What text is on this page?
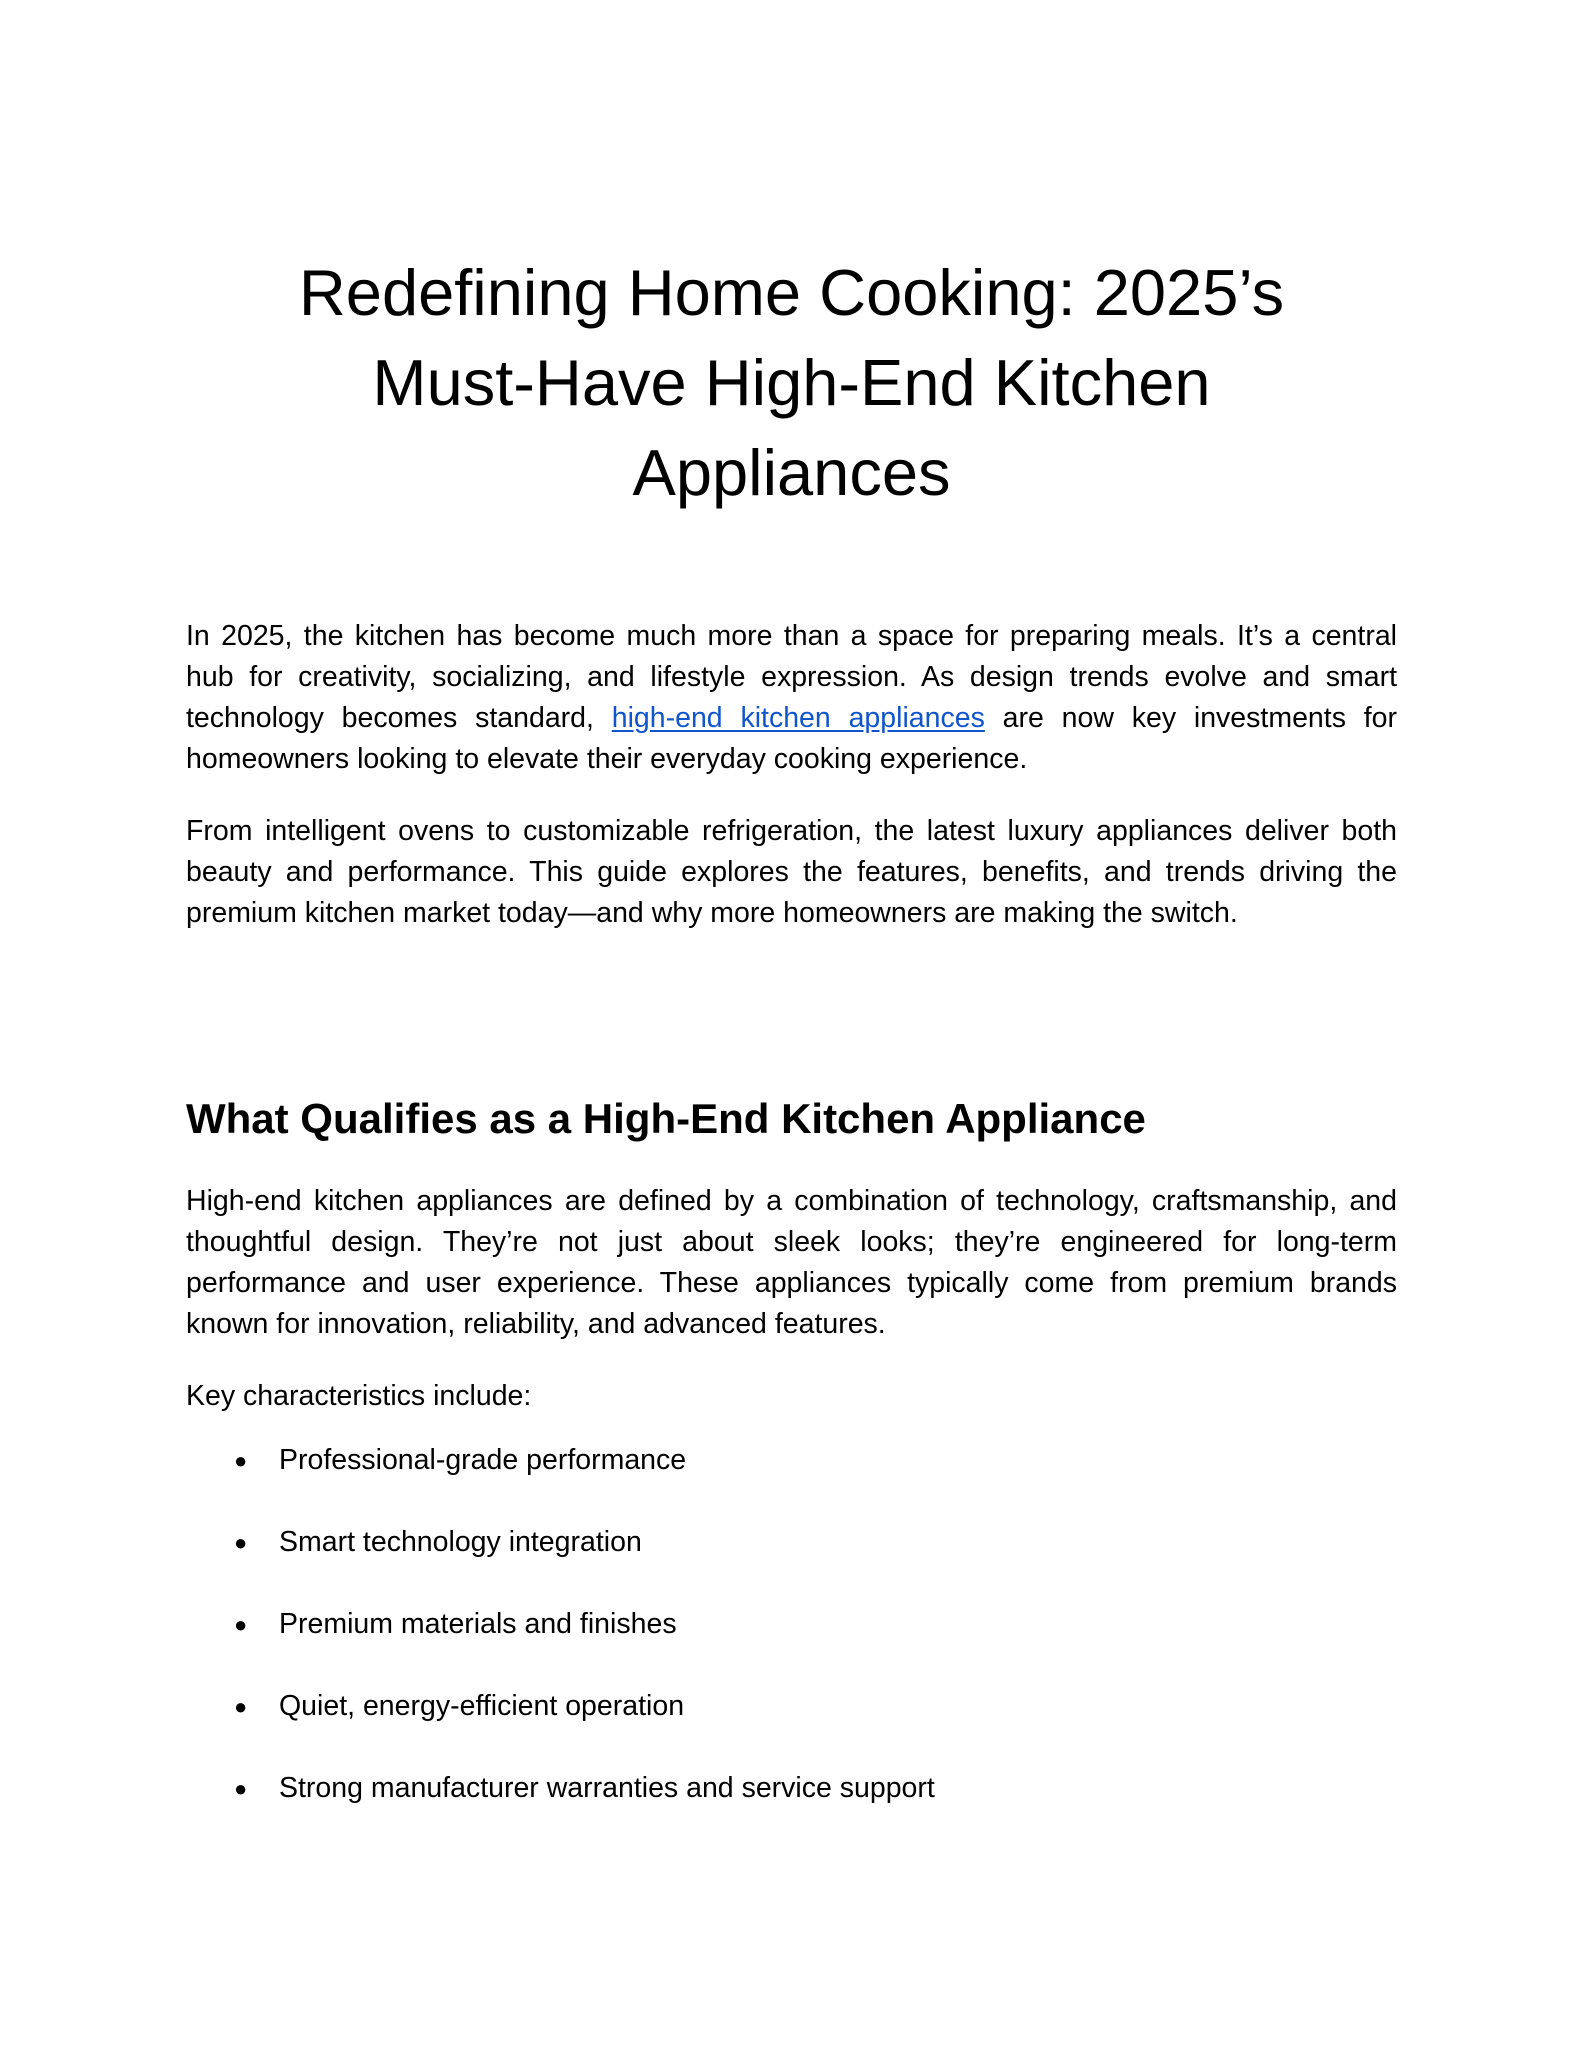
Redefining Home Cooking: 2025’s
Must-Have High-End Kitchen
Appliances

In 2025, the kitchen has become much more than a space for preparing meals. It’s a central hub for creativity, socializing, and lifestyle expression. As design trends evolve and smart technology becomes standard, high-end kitchen appliances are now key investments for homeowners looking to elevate their everyday cooking experience.

From intelligent ovens to customizable refrigeration, the latest luxury appliances deliver both beauty and performance. This guide explores the features, benefits, and trends driving the premium kitchen market today—and why more homeowners are making the switch.

What Qualifies as a High-End Kitchen Appliance

High-end kitchen appliances are defined by a combination of technology, craftsmanship, and thoughtful design. They’re not just about sleek looks; they’re engineered for long-term performance and user experience. These appliances typically come from premium brands known for innovation, reliability, and advanced features.

Key characteristics include:

● Professional-grade performance
● Smart technology integration
● Premium materials and finishes
● Quiet, energy-efficient operation
● Strong manufacturer warranties and service support
